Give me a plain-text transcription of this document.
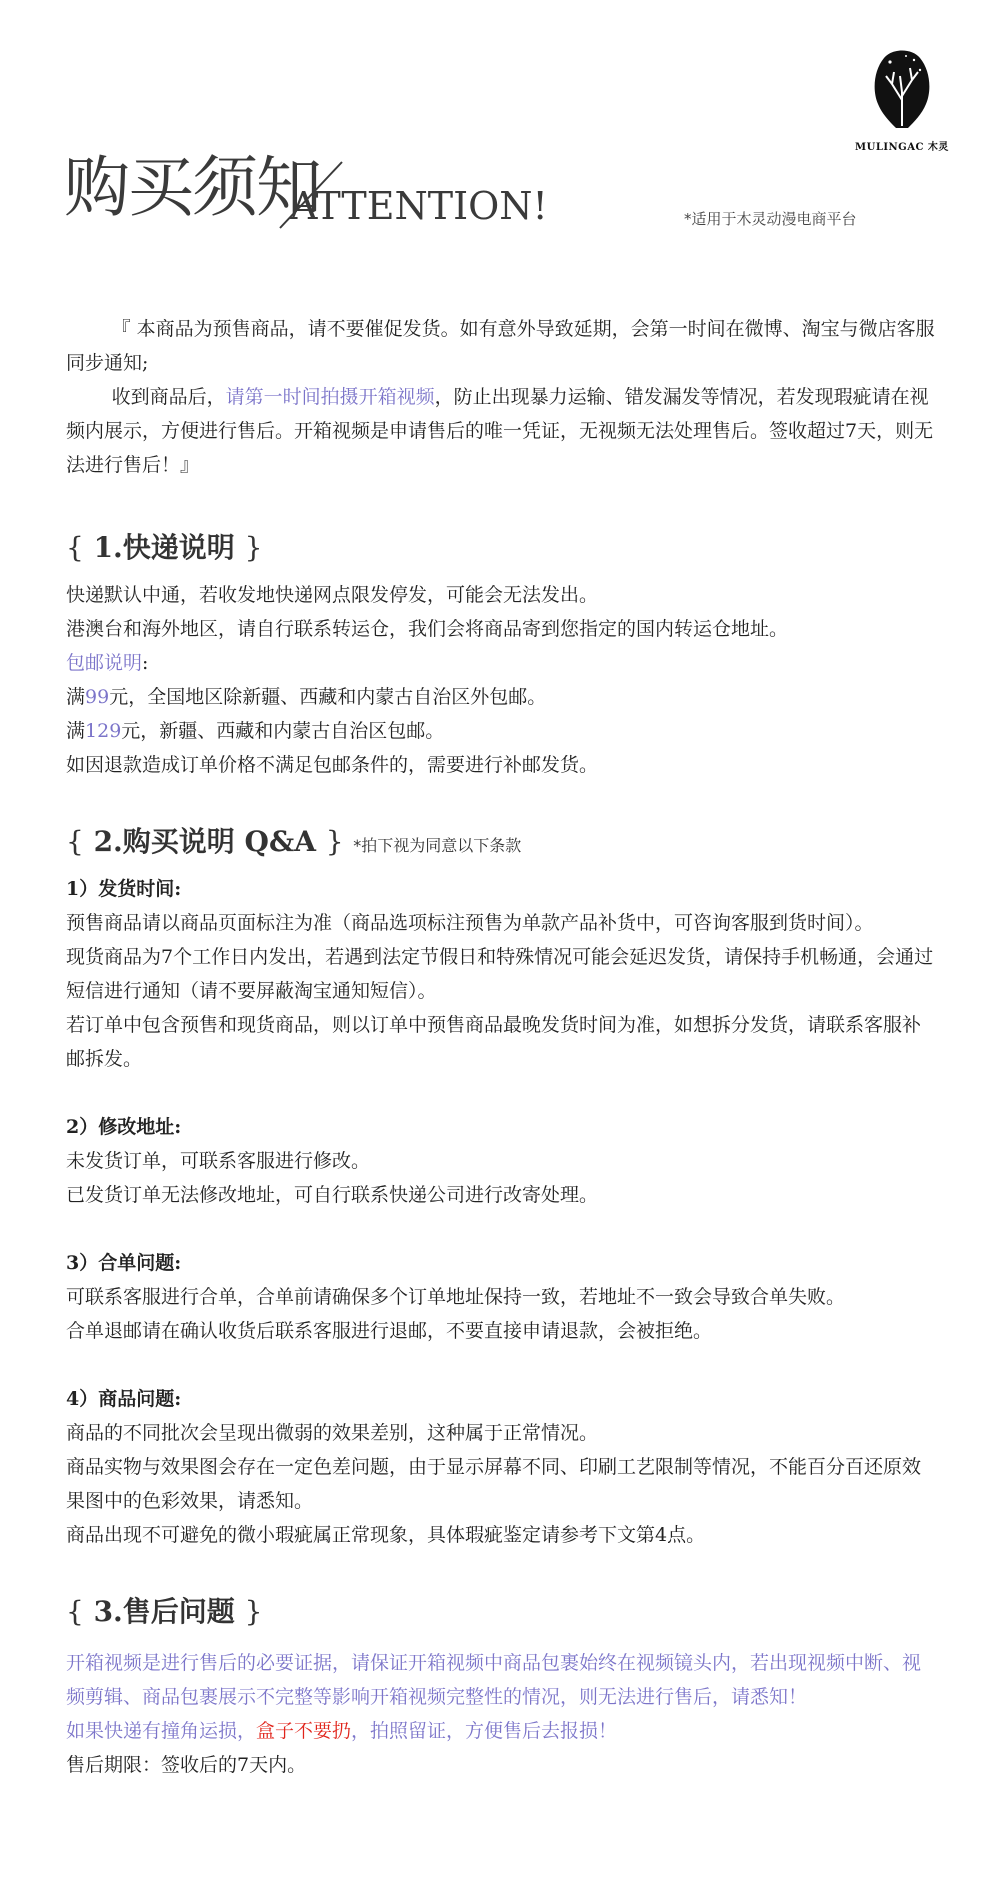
MULINGAC 木灵
购买须知
ATTENTION!	*适用于木灵动漫电商平台

『 本商品为预售商品，请不要催促发货。如有意外导致延期，会第一时间在微博、淘宝与微店客服同步通知;

收到商品后，请第一时间拍摄开箱视频，防止出现暴力运输、错发漏发等情况，若发现瑕疵请在视频内展示，方便进行售后。开箱视频是申请售后的唯一凭证，无视频无法处理售后。签收超过7天，则无法进行售后！』

{ 1.快递说明 }

快递默认中通，若收发地快递网点限发停发，可能会无法发出。

港澳台和海外地区，请自行联系转运仓，我们会将商品寄到您指定的国内转运仓地址。

包邮说明:

满99元，全国地区除新疆、西藏和内蒙古自治区外包邮。

满129元，新疆、西藏和内蒙古自治区包邮。

如因退款造成订单价格不满足包邮条件的，需要进行补邮发货。

{ 2.购买说明 Q&A } *拍下视为同意以下条款

1）发货时间:

预售商品请以商品页面标注为准（商品选项标注预售为单款产品补货中，可咨询客服到货时间）。

现货商品为7个工作日内发出，若遇到法定节假日和特殊情况可能会延迟发货，请保持手机畅通，会通过短信进行通知（请不要屏蔽淘宝通知短信）。

若订单中包含预售和现货商品，则以订单中预售商品最晚发货时间为准，如想拆分发货，请联系客服补邮拆发。

2）修改地址:

未发货订单，可联系客服进行修改。

已发货订单无法修改地址，可自行联系快递公司进行改寄处理。

3）合单问题:

可联系客服进行合单，合单前请确保多个订单地址保持一致，若地址不一致会导致合单失败。

合单退邮请在确认收货后联系客服进行退邮，不要直接申请退款，会被拒绝。

4）商品问题:

商品的不同批次会呈现出微弱的效果差别，这种属于正常情况。

商品实物与效果图会存在一定色差问题，由于显示屏幕不同、印刷工艺限制等情况，不能百分百还原效果图中的色彩效果，请悉知。

商品出现不可避免的微小瑕疵属正常现象，具体瑕疵鉴定请参考下文第4点。

{ 3.售后问题 }

开箱视频是进行售后的必要证据，请保证开箱视频中商品包裹始终在视频镜头内，若出现视频中断、视频剪辑、商品包裹展示不完整等影响开箱视频完整性的情况，则无法进行售后，请悉知！

如果快递有撞角运损，盒子不要扔，拍照留证，方便售后去报损！

售后期限：签收后的7天内。
